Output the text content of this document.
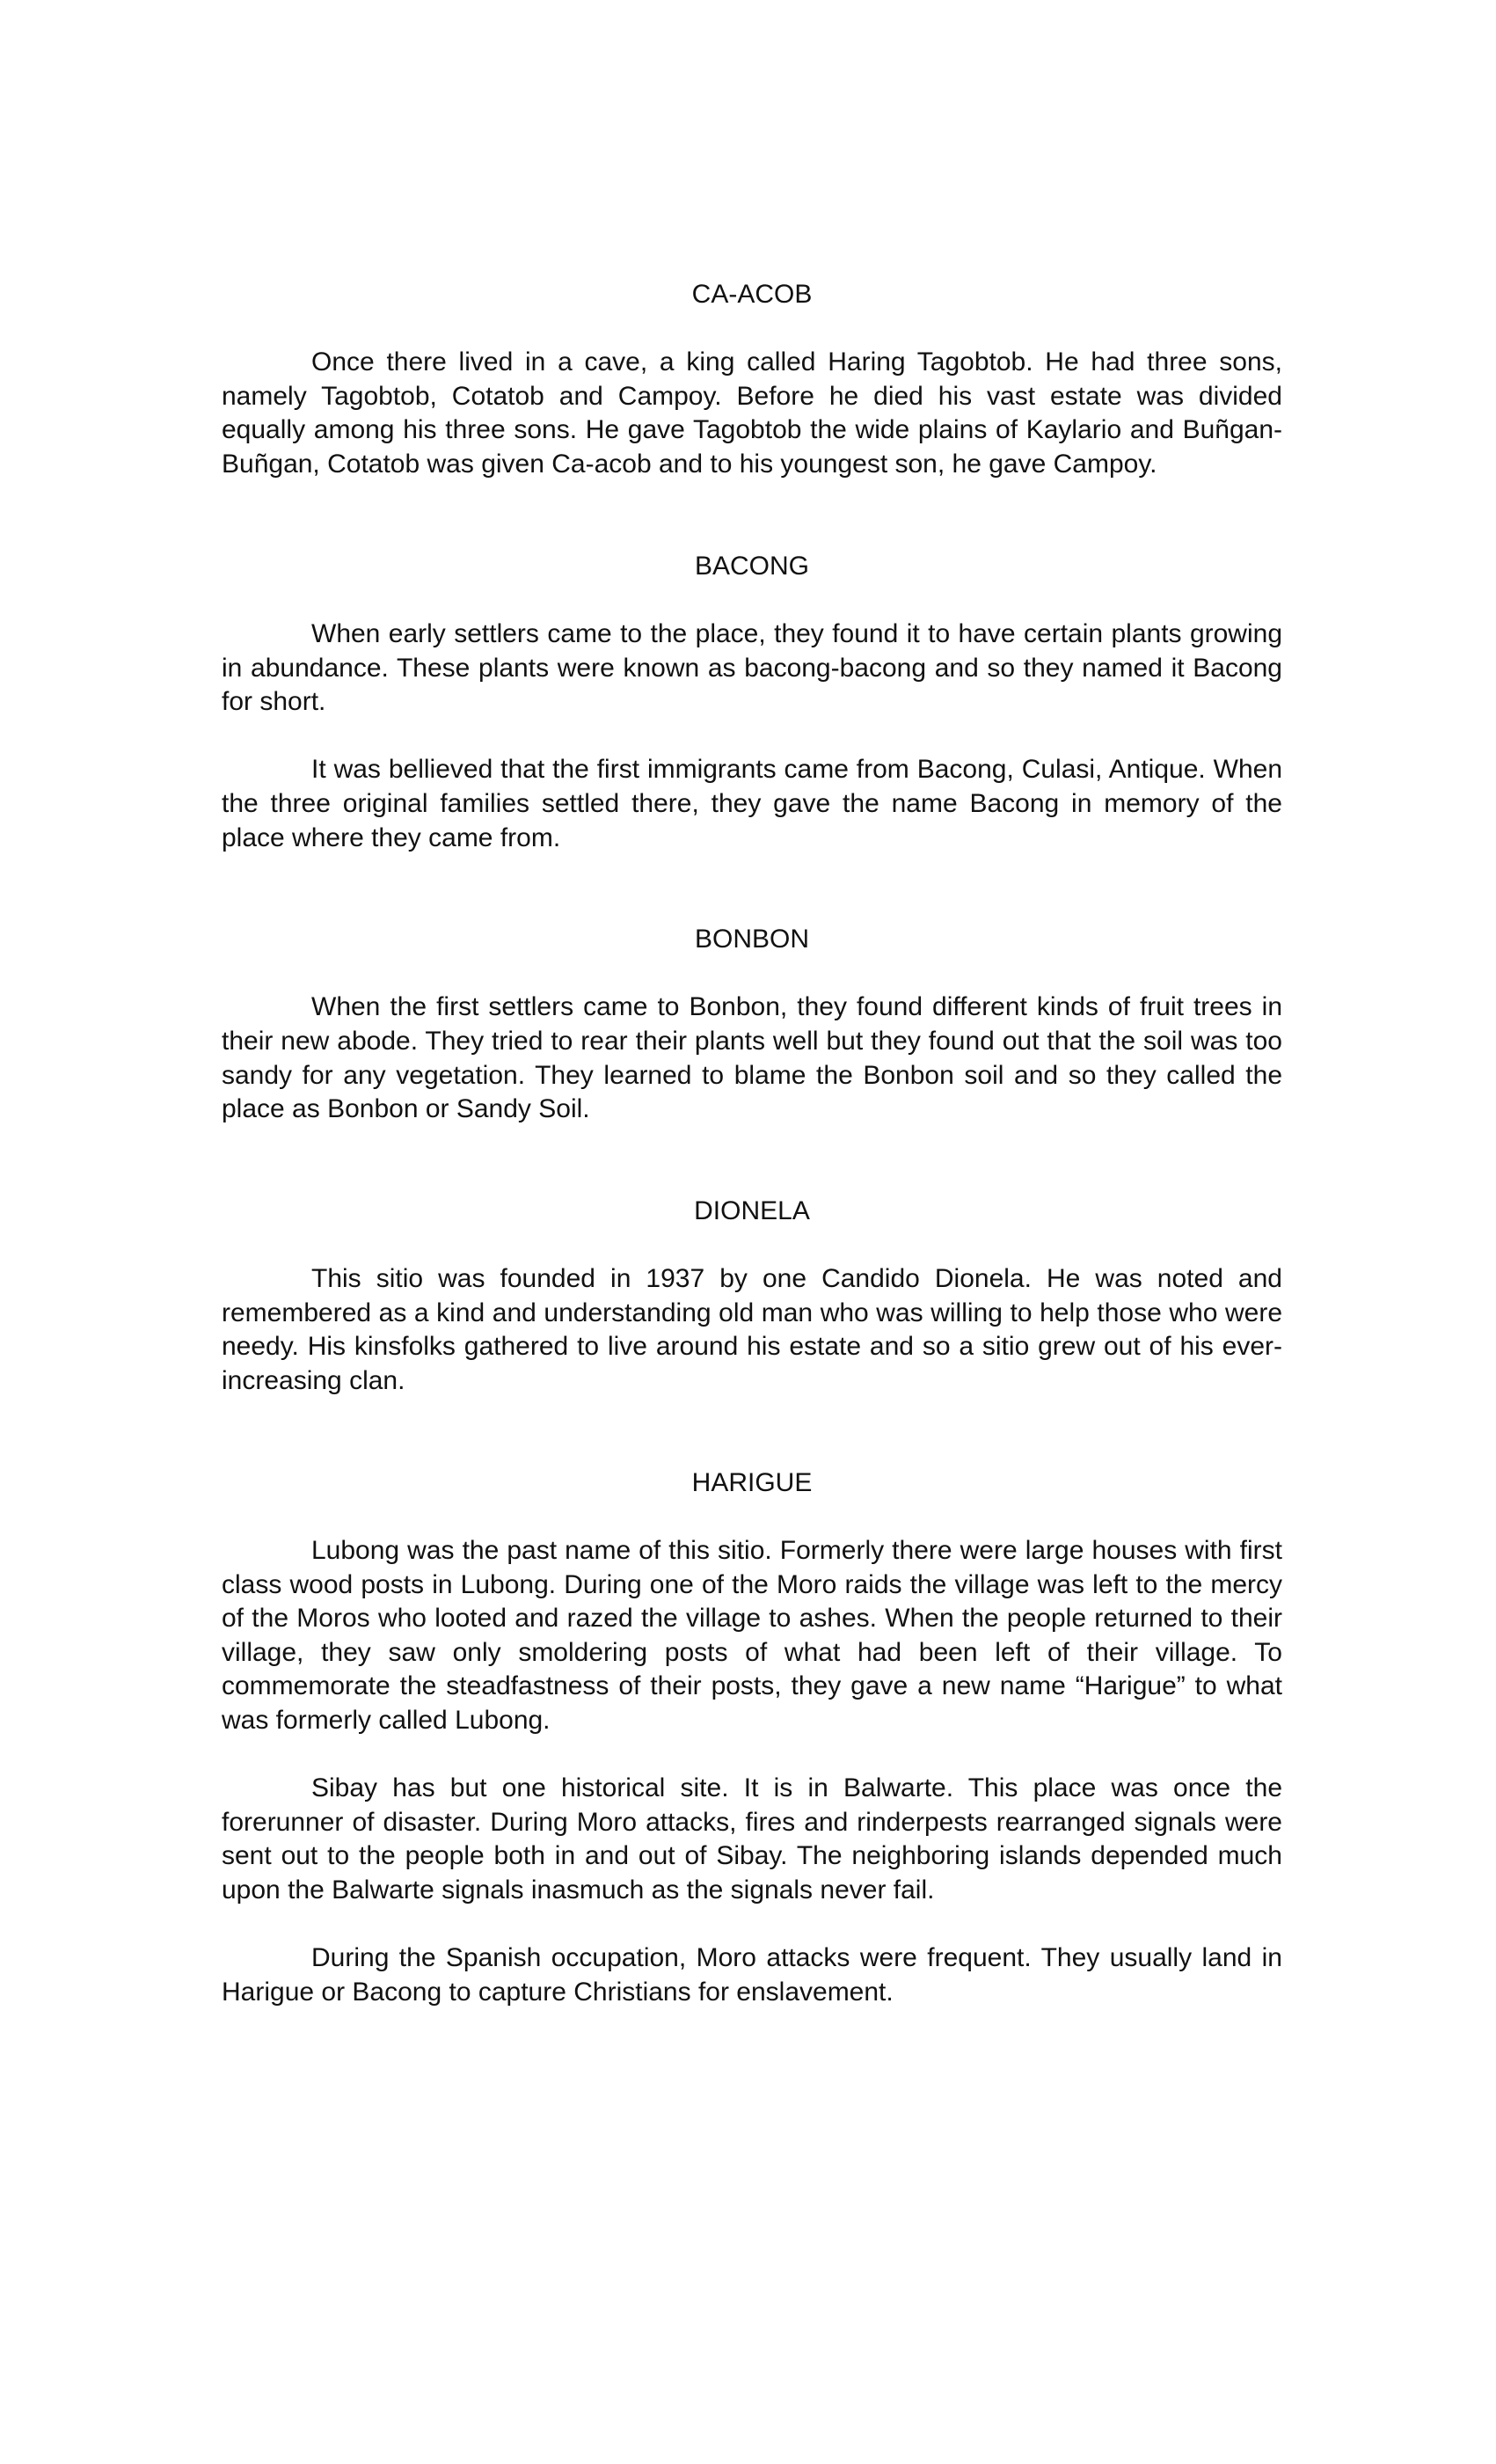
CA-ACOB

Once there lived in a cave, a king called Haring Tagobtob. He had three sons, namely Tagobtob, Cotatob and Campoy. Before he died his vast estate was divided equally among his three sons. He gave Tagobtob the wide plains of Kaylario and Buñgan-Buñgan, Cotatob was given Ca-acob and to his youngest son, he gave Campoy.

BACONG

When early settlers came to the place, they found it to have certain plants growing in abundance. These plants were known as bacong-bacong and so they named it Bacong for short.

It was bellieved that the first immigrants came from Bacong, Culasi, Antique. When the three original families settled there, they gave the name Bacong in memory of the place where they came from.

BONBON

When the first settlers came to Bonbon, they found different kinds of fruit trees in their new abode. They tried to rear their plants well but they found out that the soil was too sandy for any vegetation. They learned to blame the Bonbon soil and so they called the place as Bonbon or Sandy Soil.

DIONELA

This sitio was founded in 1937 by one Candido Dionela. He was noted and remembered as a kind and understanding old man who was willing to help those who were needy. His kinsfolks gathered to live around his estate and so a sitio grew out of his ever-increasing clan.

HARIGUE

Lubong was the past name of this sitio. Formerly there were large houses with first class wood posts in Lubong. During one of the Moro raids the village was left to the mercy of the Moros who looted and razed the village to ashes. When the people returned to their village, they saw only smoldering posts of what had been left of their village. To commemorate the steadfastness of their posts, they gave a new name “Harigue” to what was formerly called Lubong.

Sibay has but one historical site. It is in Balwarte. This place was once the forerunner of disaster. During Moro attacks, fires and rinderpests rearranged signals were sent out to the people both in and out of Sibay. The neighboring islands depended much upon the Balwarte signals inasmuch as the signals never fail.

During the Spanish occupation, Moro attacks were frequent. They usually land in Harigue or Bacong to capture Christians for enslavement.
